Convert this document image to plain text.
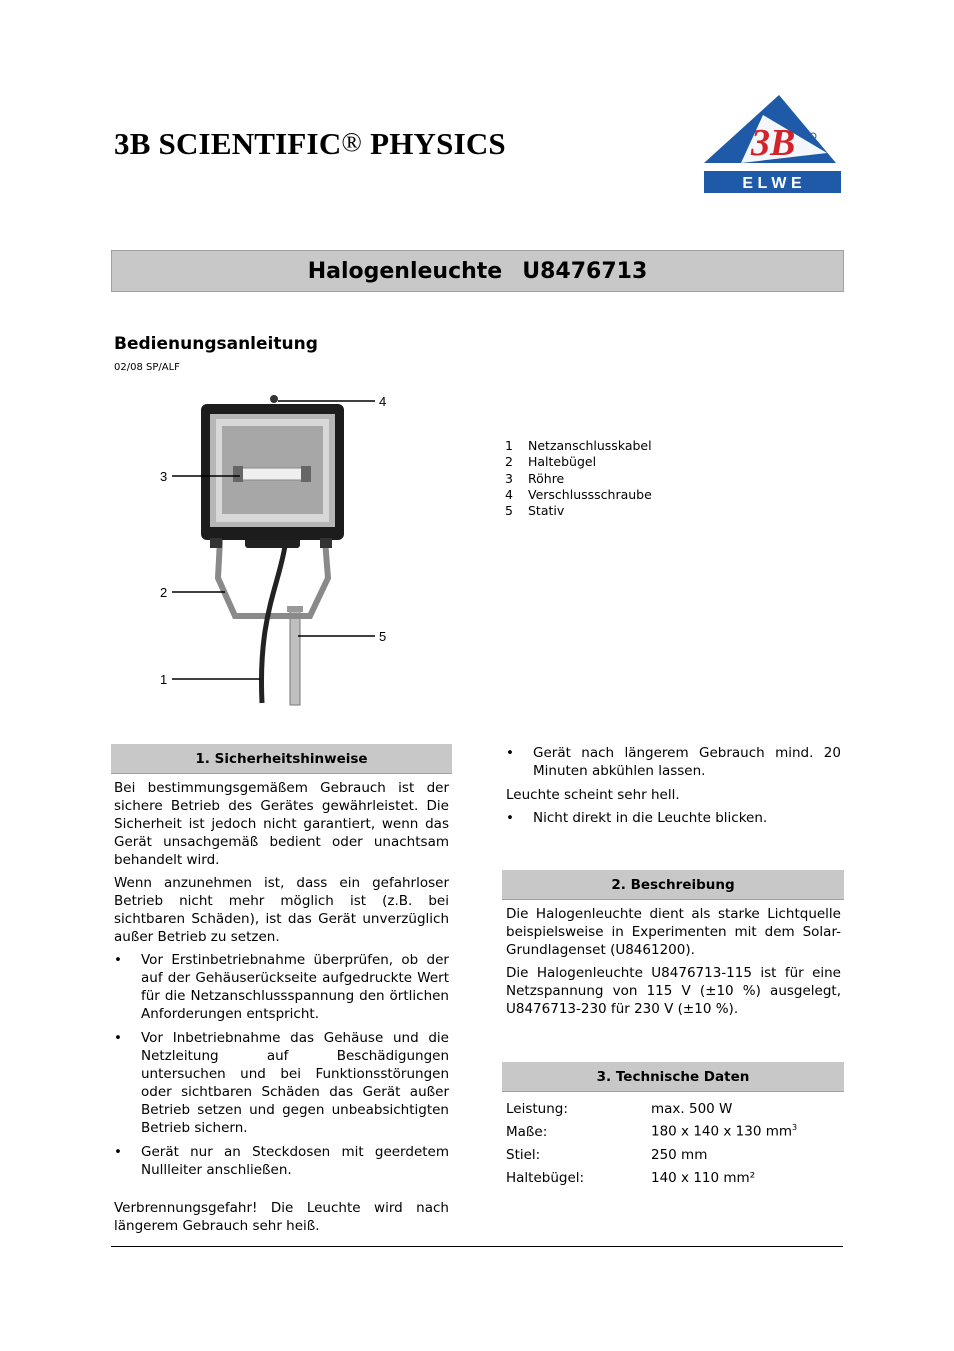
3B SCIENTIFIC® PHYSICS	3B
E L W E
Halogenleuchte U8476713
Bedienungsanleitung
02/08 SP/ALF
1
2
3
4
5
1	Netzanschlusskabel
2	Haltebügel
3	Röhre
4	Verschlussschraube
5	Stativ
1. Sicherheitshinweise

Bei bestimmungsgemäßem Gebrauch ist der sichere Betrieb des Gerätes gewährleistet. Die Sicherheit ist jedoch nicht garantiert, wenn das Gerät unsachgemäß bedient oder unachtsam behandelt wird.

Wenn anzunehmen ist, dass ein gefahrloser Betrieb nicht mehr möglich ist (z.B. bei sichtbaren Schäden), ist das Gerät unverzüglich außer Betrieb zu setzen.

• Vor Erstinbetriebnahme überprüfen, ob der auf der Gehäuserückseite aufgedruckte Wert für die Netzanschlussspannung den örtlichen Anforderungen entspricht.
• Vor Inbetriebnahme das Gehäuse und die Netzleitung auf Beschädigungen untersuchen und bei Funktionsstörungen oder sichtbaren Schäden das Gerät außer Betrieb setzen und gegen unbeabsichtigten Betrieb sichern.
• Gerät nur an Steckdosen mit geerdetem Nullleiter anschließen.

Verbrennungsgefahr! Die Leuchte wird nach längerem Gebrauch sehr heiß.

• Gerät nach längerem Gebrauch mind. 20 Minuten abkühlen lassen.

Leuchte scheint sehr hell.

• Nicht direkt in die Leuchte blicken.
2. Beschreibung

Die Halogenleuchte dient als starke Lichtquelle beispielsweise in Experimenten mit dem Solar-Grundlagenset (U8461200).

Die Halogenleuchte U8476713-115 ist für eine Netzspannung von 115 V (±10 %) ausgelegt, U8476713-230 für 230 V (±10 %).

3. Technische Daten
Leistung:	max. 500 W
Maße:	180 x 140 x 130 $mm^3$
Stiel:	250 mm
Haltebügel:	140 x 110 mm²
